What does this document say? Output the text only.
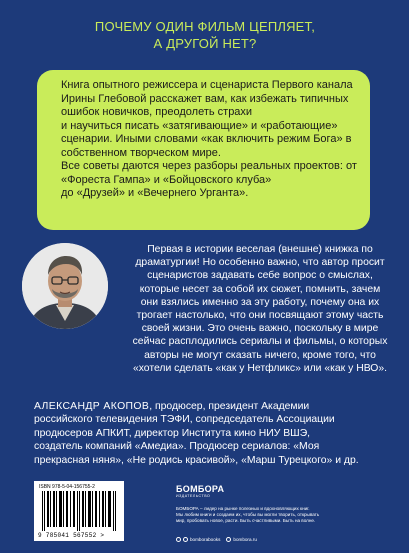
ПОЧЕМУ ОДИН ФИЛЬМ ЦЕПЛЯЕТ,
А ДРУГОЙ НЕТ?

Книга опытного режиссера и сценариста Первого канала Ирины Глебовой расскажет вам, как избежать типичных ошибок новичков, преодолеть страхи
и научиться писать «затягивающие» и «работающие» сценарии. Иными словами «как включить режим Бога» в собственном творческом мире.
Все советы даются через разборы реальных проектов: от «Фореста Гампа» и «Бойцовского клуба»
до «Друзей» и «Вечернего Урганта».

Первая в истории веселая (внешне) книжка по
драматургии! Но особенно важно, что автор просит
сценаристов задавать себе вопрос о смыслах,
которые несет за собой их сюжет, помнить, зачем
они взялись именно за эту работу, почему она их
трогает настолько, что они посвящают этому часть
своей жизни. Это очень важно, поскольку в мире
сейчас расплодились сериалы и фильмы, о которых
авторы не могут сказать ничего, кроме того, что
«хотели сделать «как у Нетфликс» или «как у НВО».
АЛЕКСАНДР АКОПОВ, продюсер, президент Академии
российского телевидения ТЭФИ, сопредседатель Ассоциации
продюсеров АПКИТ, директор Института кино НИУ ВШЭ,
создатель компаний «Амедиа». Продюсер сериалов: «Моя
прекрасная няня», «Не родись красивой», «Марш Турецкого» и др.
ISBN 978-5-04-156755-2
9 785041 567552 >
БОМБОРА
ИЗДАТЕЛЬСТВО
БОМБОРА – лидер на рынке полезных и вдохновляющих книг.
Мы любим книги и создаем их, чтобы вы могли творить, открывать
мир, пробовать новое, расти. Быть счастливыми. Быть на волне.
bomborabooks	bombora.ru
